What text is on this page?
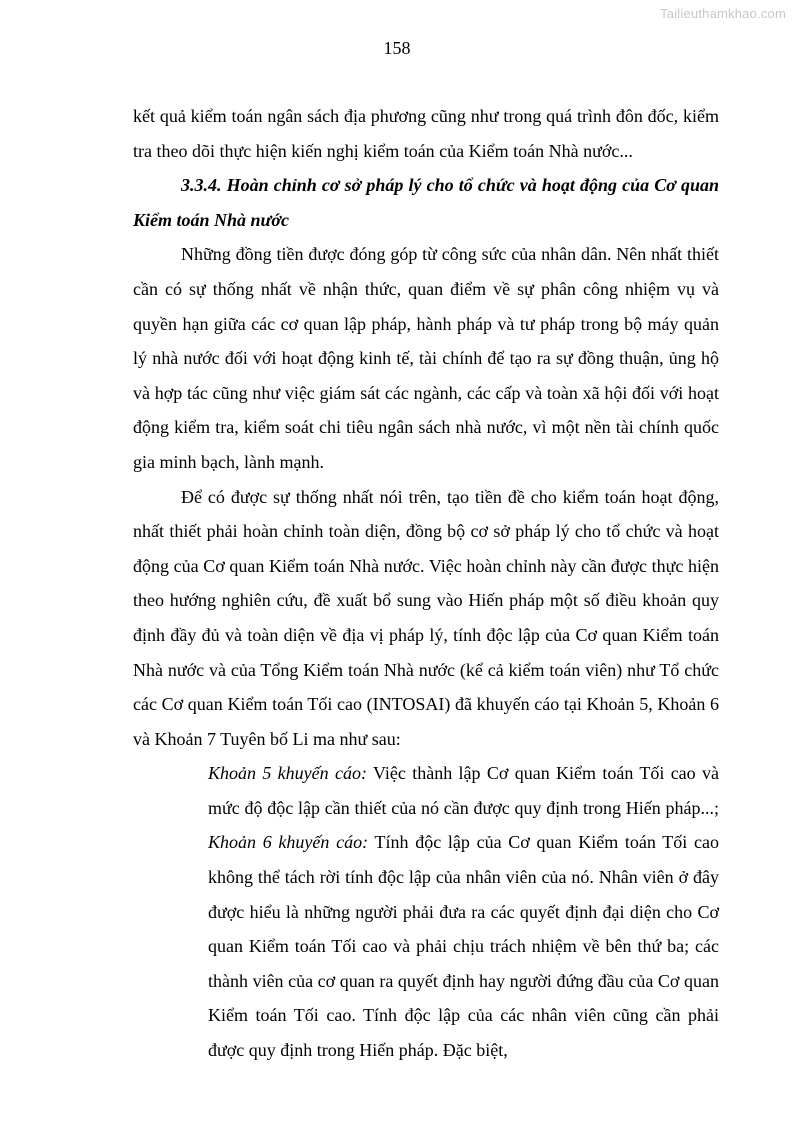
Tailieuthamkhao.com
158

kết quả kiểm toán ngân sách địa phương cũng như trong quá trình đôn đốc, kiểm tra theo dõi thực hiện kiến nghị kiểm toán của Kiểm toán Nhà nước...

3.3.4. Hoàn chỉnh cơ sở pháp lý cho tổ chức và hoạt động của Cơ quan Kiểm toán Nhà nước

Những đồng tiền được đóng góp từ công sức của nhân dân. Nên nhất thiết cần có sự thống nhất về nhận thức, quan điểm về sự phân công nhiệm vụ và quyền hạn giữa các cơ quan lập pháp, hành pháp và tư pháp trong bộ máy quản lý nhà nước đối với hoạt động kinh tế, tài chính để tạo ra sự đồng thuận, ủng hộ và hợp tác cũng như việc giám sát các ngành, các cấp và toàn xã hội đối với hoạt động kiểm tra, kiểm soát chi tiêu ngân sách nhà nước, vì một nền tài chính quốc gia minh bạch, lành mạnh.

Để có được sự thống nhất nói trên, tạo tiền đề cho kiểm toán hoạt động, nhất thiết phải hoàn chỉnh toàn diện, đồng bộ cơ sở pháp lý cho tổ chức và hoạt động của Cơ quan Kiểm toán Nhà nước. Việc hoàn chỉnh này cần được thực hiện theo hướng nghiên cứu, đề xuất bổ sung vào Hiến pháp một số điều khoản quy định đầy đủ và toàn diện về địa vị pháp lý, tính độc lập của Cơ quan Kiểm toán Nhà nước và của Tổng Kiểm toán Nhà nước (kể cả kiểm toán viên) như Tổ chức các Cơ quan Kiểm toán Tối cao (INTOSAI) đã khuyến cáo tại Khoản 5, Khoản 6 và Khoản 7 Tuyên bố Li ma như sau:

Khoản 5 khuyến cáo: Việc thành lập Cơ quan Kiểm toán Tối cao và mức độ độc lập cần thiết của nó cần được quy định trong Hiến pháp...; Khoản 6 khuyến cáo: Tính độc lập của Cơ quan Kiểm toán Tối cao không thể tách rời tính độc lập của nhân viên của nó. Nhân viên ở đây được hiểu là những người phải đưa ra các quyết định đại diện cho Cơ quan Kiểm toán Tối cao và phải chịu trách nhiệm về bên thứ ba; các thành viên của cơ quan ra quyết định hay người đứng đầu của Cơ quan Kiểm toán Tối cao. Tính độc lập của các nhân viên cũng cần phải được quy định trong Hiến pháp. Đặc biệt,
